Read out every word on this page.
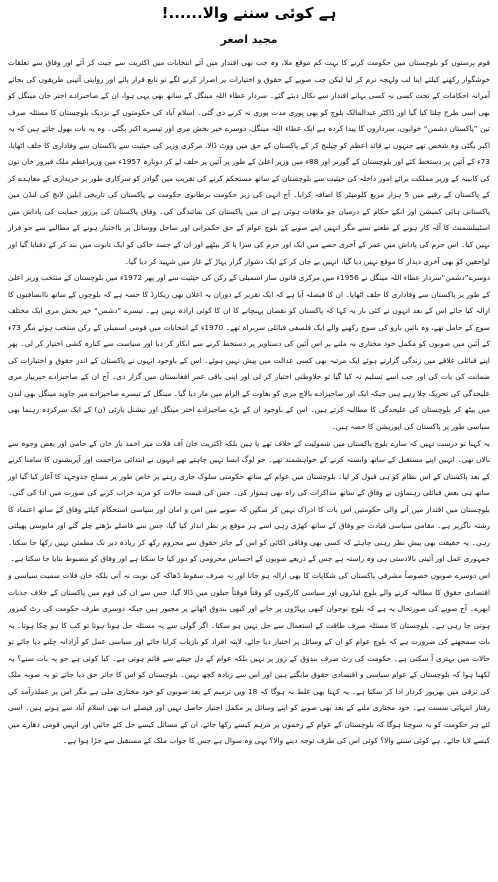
ہے کوئی سننے والا......!
مجید اصغر

قوم پرستوں کو بلوچستان میں حکومت کرنے کا بہت کم موقع ملا، وہ جب بھی اقتدار میں آئے انتخابات میں اکثریت سے جیت کر آئے اور وفاق سے تعلقات خوشگوار رکھنے کیلئے اپنا لب ولہجہ نرم کر لیا لیکن جب صوبے کے حقوق و اختیارات پر اصرار کرنے لگے تو تابع قرار پائے اور روایتی آئینی طریقوں کی بجائے آمرانہ احکامات کے تحت کسی نہ کسی بہانے اقتدار سے نکال دیئے گئے۔ سردار عطاء اللہ مینگل کے ساتھ بھی یہی ہوا، ان کے صاحبزادے اختر جان مینگل کو بھی اسی طرح چلتا کیا گیا اور ڈاکٹر عبدالمالک بلوچ کو بھی پوری مدت پوری نہ کرنے دی گئی۔ اسلام آباد کی حکومتوں کے نزدیک بلوچستان کا مسئلہ صرف تین ”پاکستان دشمن“ خوابوں، سرداروں کا پیدا کردہ ہے ایک عطاء اللہ مینگل، دوسرے خیر بخش مری اور تیسرے اکبر بگٹی۔ وہ یہ بات بھول جاتے ہیں کہ یہ اکبر بگٹی وہ شخص تھے جنہوں نے قائد اعظم کو چیلنج کر کے پاکستان کے حق میں ووٹ ڈالا، مرکزی وزیر کی حیثیت سے پاکستان سے وفاداری کا حلف اٹھایا، 73ء کے آئین پر دستخط کئے اور بلوچستان کے گورنر اور 88ء میں وزیر اعلیٰ کے طور پر آئین پر حلف لے کر دوبارہ 1957ء میں وزیراعظم ملک فیروز خان نون کی کابینہ کے وزیر مملکت برائے امور داخلہ کی حیثیت سے بلوچستان کے ساتھ مستحکم کرنے کی تقریب میں گوادر کو سرکاری طور پر خریداری کے معاہدے کر کے پاکستان کے رقبے میں 5 ہزار مربع کلومیٹر کا اضافہ کرایا۔ آج انہی کی زیر حکومت برطانوی حکومت نے پاکستان کی تاریخی ایلین لانچ کی لنڈن میں پاکستانی ہائی کمیشن اور انکے حکام کے درمیان جو ملاقات ہوئی ہے ان میں پاکستان کی نمائندگی کی۔ وفاق پاکستان کی پرزور حمایت کی پاداش میں اسٹیبلشمنٹ کا آلہ کار ہونے کے طعنے سنے مگر انہیں اپنے صوبے کے بلوچ عوام کے حق حکمرانی اور ساحل ووسائل پر بااختیار ہونے کے مطالبے سے جو فرار نہیں کیا۔ اس جرم کی پاداش میں عمر کے آخری حصے میں ایک اور جرم کی سزا پا کر بیٹھے اور ان کے جسد خاکی کو ایک تابوت میں بند کر کے دفنایا گیا اور لواحقین کو بھی آخری دیدار کا موقع نہیں دیا گیا، انہیں بے جان کر کے ایک دشوار گزار پہاڑ کے غار میں شہید کر دیا گیا۔

دوسرے”دشمن“سردار عطاء اللہ مینگل نے 1956ء میں مرکزی قانون ساز اسمبلی کے رکن کی حیثیت سے اور پھر 1972ء میں بلوچستان کے منتخب وزیر اعلیٰ کے طور پر پاکستان سے وفاداری کا حلف اٹھایا۔ ان کا فیصلہ آیا ہے کہ ایک تقریر کے دوران یہ اعلان بھی ریکارڈ کا حصہ ہے کہ بلوچوں کے ساتھ ناانصافیوں کا ازالہ کیا جائے اس کے بعد انہوں نے کئی بار یہ کہا کہ پاکستان کو نقصان پہنچانے کا ان کا کوئی ارادہ نہیں ہے۔ تیسرے ”دشمن“ خیر بخش مری ایک مختلف سوچ کے حامل تھے، وہ بائیں بازو کی سوچ رکھنے والے ایک فلسفی قبائلی سربراہ تھے۔ 1970ء کے انتخابات میں قومی اسمبلی کے رکن منتخب ہوئے مگر 73ء کے آئین میں صوبوں کو مکمل خود مختاری نہ ملنے پر اس آئین کی دستاویز پر دستخط کرنے سے انکار کر دیا اور سیاست سے کنارہ کشی اختیار کر لی۔ پھر اپنے قبائلی علاقے میں زندگی گزارتے ہوئے ایک مرتبہ بھی کسی عدالت میں پیش نہیں ہوئے۔ اس کے باوجود انہوں نے پاکستان کے اندر حقوق و اختیارات کی ضمانت کی بات کی اور جب اسے تسلیم نہ کیا گیا تو جلاوطنی اختیار کر لی اور اپنی باقی عمر افغانستان میں گزار دی۔ آج ان کے صاحبزادے حیربیار مری علیحدگی کی تحریک چلا رہے ہیں جبکہ ایک اور صاحبزادے بالاچ مری کو بغاوت کے الزام میں مار دیا گیا۔ مینگل کے تیسرے صاحبزادے میر جاوید مینگل بھی لندن میں بیٹھ کر بلوچستان کی علیحدگی کا مطالبہ کرتے ہیں۔ اس کے باوجود ان کے بڑے صاحبزادے اختر مینگل اور نیشنل پارٹی (ن) کے ایک سرکردہ رہنما بھی سیاسی طور پر پاکستان کی اپوزیشن کا حصہ ہیں۔

یہ کہنا تو درست نہیں کہ سارے بلوچ پاکستان میں شمولیت کے خلاف تھے یا ہیں بلکہ اکثریت خان آف قلات میر احمد یار خان کے حامی اور بعض وجوہ سے نالاں تھی۔ انہیں اپنے مستقبل کے ساتھ وابستہ کرنے کے خواہشمند تھے۔ جو لوگ ایسا نہیں چاہتے تھے انہوں نے ابتدائی مزاحمت اور آپریشنوں کا سامنا کرنے کے بعد پاکستان کے اس نظام کو ہی قبول کر لیا۔ بلوچستان میں عوام کے ساتھ حکومتی سلوک جاری رہنے پر خاص طور پر مسلح جدوجہد کا آغاز کیا گیا اور ساتھ ہی بعض قبائلی رہنماؤں نے وفاق کے ساتھ مذاکرات کی راہ بھی ہموار کی۔ جس کی قیمت حالات کو مزید خراب کرنے کی صورت میں ادا کی گئی۔ بلوچستان میں اقتدار میں آنے والی حکومتیں اس بات کا ادراک نہیں کر سکیں کہ صوبے میں امن و امان اور سیاسی استحکام کیلئے وفاق کے ساتھ اعتماد کا رشتہ ناگزیر ہے۔ مقامی سیاسی قیادت جو وفاق کے ساتھ کھڑی رہی اسے ہر موقع پر نظر انداز کیا گیا، جس سے فاصلے بڑھتے چلے گئے اور مایوسی پھیلتی رہی۔ یہ حقیقت بھی پیش نظر رہنی چاہئے کہ کسی بھی وفاقی اکائی کو اس کے جائز حقوق سے محروم رکھ کر زیادہ دیر تک مطمئن نہیں رکھا جا سکتا۔ جمہوری عمل اور آئینی بالادستی ہی وہ راستہ ہے جس کے ذریعے صوبوں کے احساس محرومی کو دور کیا جا سکتا ہے اور وفاق کو مضبوط بنایا جا سکتا ہے۔

اس دوسرے صوبوں خصوصاً مشرقی پاکستان کی شکایات کا بھی ازالہ ہو جاتا اور نہ صرف سقوط ڈھاکہ کی نوبت نہ آتی بلکہ خان قلات سمیت سیاسی و اقتصادی حقوق کا مطالبہ کرنے والے بلوچ لیڈروں اور سیاسی کارکنوں کو وقتاً فوقتاً جیلوں میں ڈالا گیا، جس سے ان کی قوم میں پاکستان کے خلاف جذبات ابھرے۔ آج صوبے کی صورتحال یہ ہے کہ بلوچ نوجوان کبھی پہاڑوں پر جانے اور کبھی بندوق اٹھانے پر مجبور ہیں جبکہ دوسری طرف حکومت کی رٹ کمزور ہوتی جا رہی ہے۔ بلوچستان کا مسئلہ صرف طاقت کے استعمال سے حل نہیں ہو سکتا۔ اگر گولی سے یہ مسئلہ حل ہونا ہوتا تو کب کا ہو چکا ہوتا۔ یہ بات سمجھنے کی ضرورت ہے کہ بلوچ عوام کو ان کے وسائل پر اختیار دیا جائے، لاپتہ افراد کو بازیاب کرایا جائے اور سیاسی عمل کو آزادانہ چلنے دیا جائے تو حالات میں بہتری آ سکتی ہے۔ حکومت کی رٹ صرف بندوق کے زور پر نہیں بلکہ عوام کے دل جیتنے سے قائم ہوتی ہے۔ کیا کوئی ہے جو یہ بات سنے؟ یہ لکھنا ہوا کہ بلوچستان کے عوام سیاسی و اقتصادی حقوق مانگتے ہیں اور اس سے زیادہ کچھ نہیں۔ بلوچستان کو اس کا جائز حق دیا جائے تو یہ صوبہ ملک کی ترقی میں بھرپور کردار ادا کر سکتا ہے۔ یہ کہنا بھی غلط نہ ہوگا کہ 18 ویں ترمیم کے بعد صوبوں کو خود مختاری ملی ہے مگر اس پر عملدرآمد کی رفتار انتہائی سست ہے۔ خود مختاری ملنے کے بعد بھی صوبے کو اپنے وسائل پر مکمل اختیار حاصل نہیں اور فیصلے اب بھی اسلام آباد سے ہوتے ہیں۔ اسی لئے ہر حکومت کو یہ سوچنا ہوگا کہ بلوچستان کے عوام کے زخموں پر مرہم کیسے رکھا جائے، ان کے مسائل کیسے حل کئے جائیں اور انہیں قومی دھارے میں کیسے لایا جائے۔ ہے کوئی سننے والا؟ کوئی اس کی طرف توجہ دینے والا؟ یہی وہ سوال ہے جس کا جواب ملک کے مستقبل سے جڑا ہوا ہے۔
